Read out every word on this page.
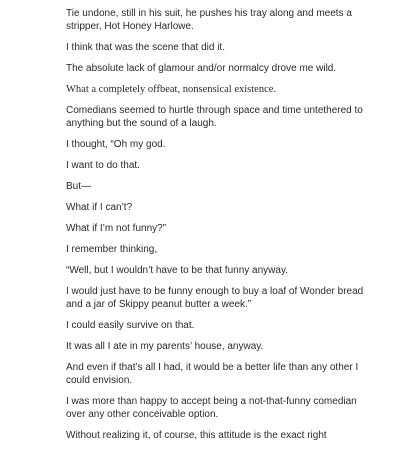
Tie undone, still in his suit, he pushes his tray along and meets a stripper, Hot Honey Harlowe.

I think that was the scene that did it.

The absolute lack of glamour and/or normalcy drove me wild.

What a completely offbeat, nonsensical existence.

Comedians seemed to hurtle through space and time untethered to anything but the sound of a laugh.

I thought, “Oh my god.

I want to do that.

But—

What if I can’t?

What if I’m not funny?”

I remember thinking,

“Well, but I wouldn’t have to be that funny anyway.

I would just have to be funny enough to buy a loaf of Wonder bread and a jar of Skippy peanut butter a week.”

I could easily survive on that.

It was all I ate in my parents’ house, anyway.

And even if that’s all I had, it would be a better life than any other I could envision.

I was more than happy to accept being a not-that-funny comedian over any other conceivable option.

Without realizing it, of course, this attitude is the exact right
